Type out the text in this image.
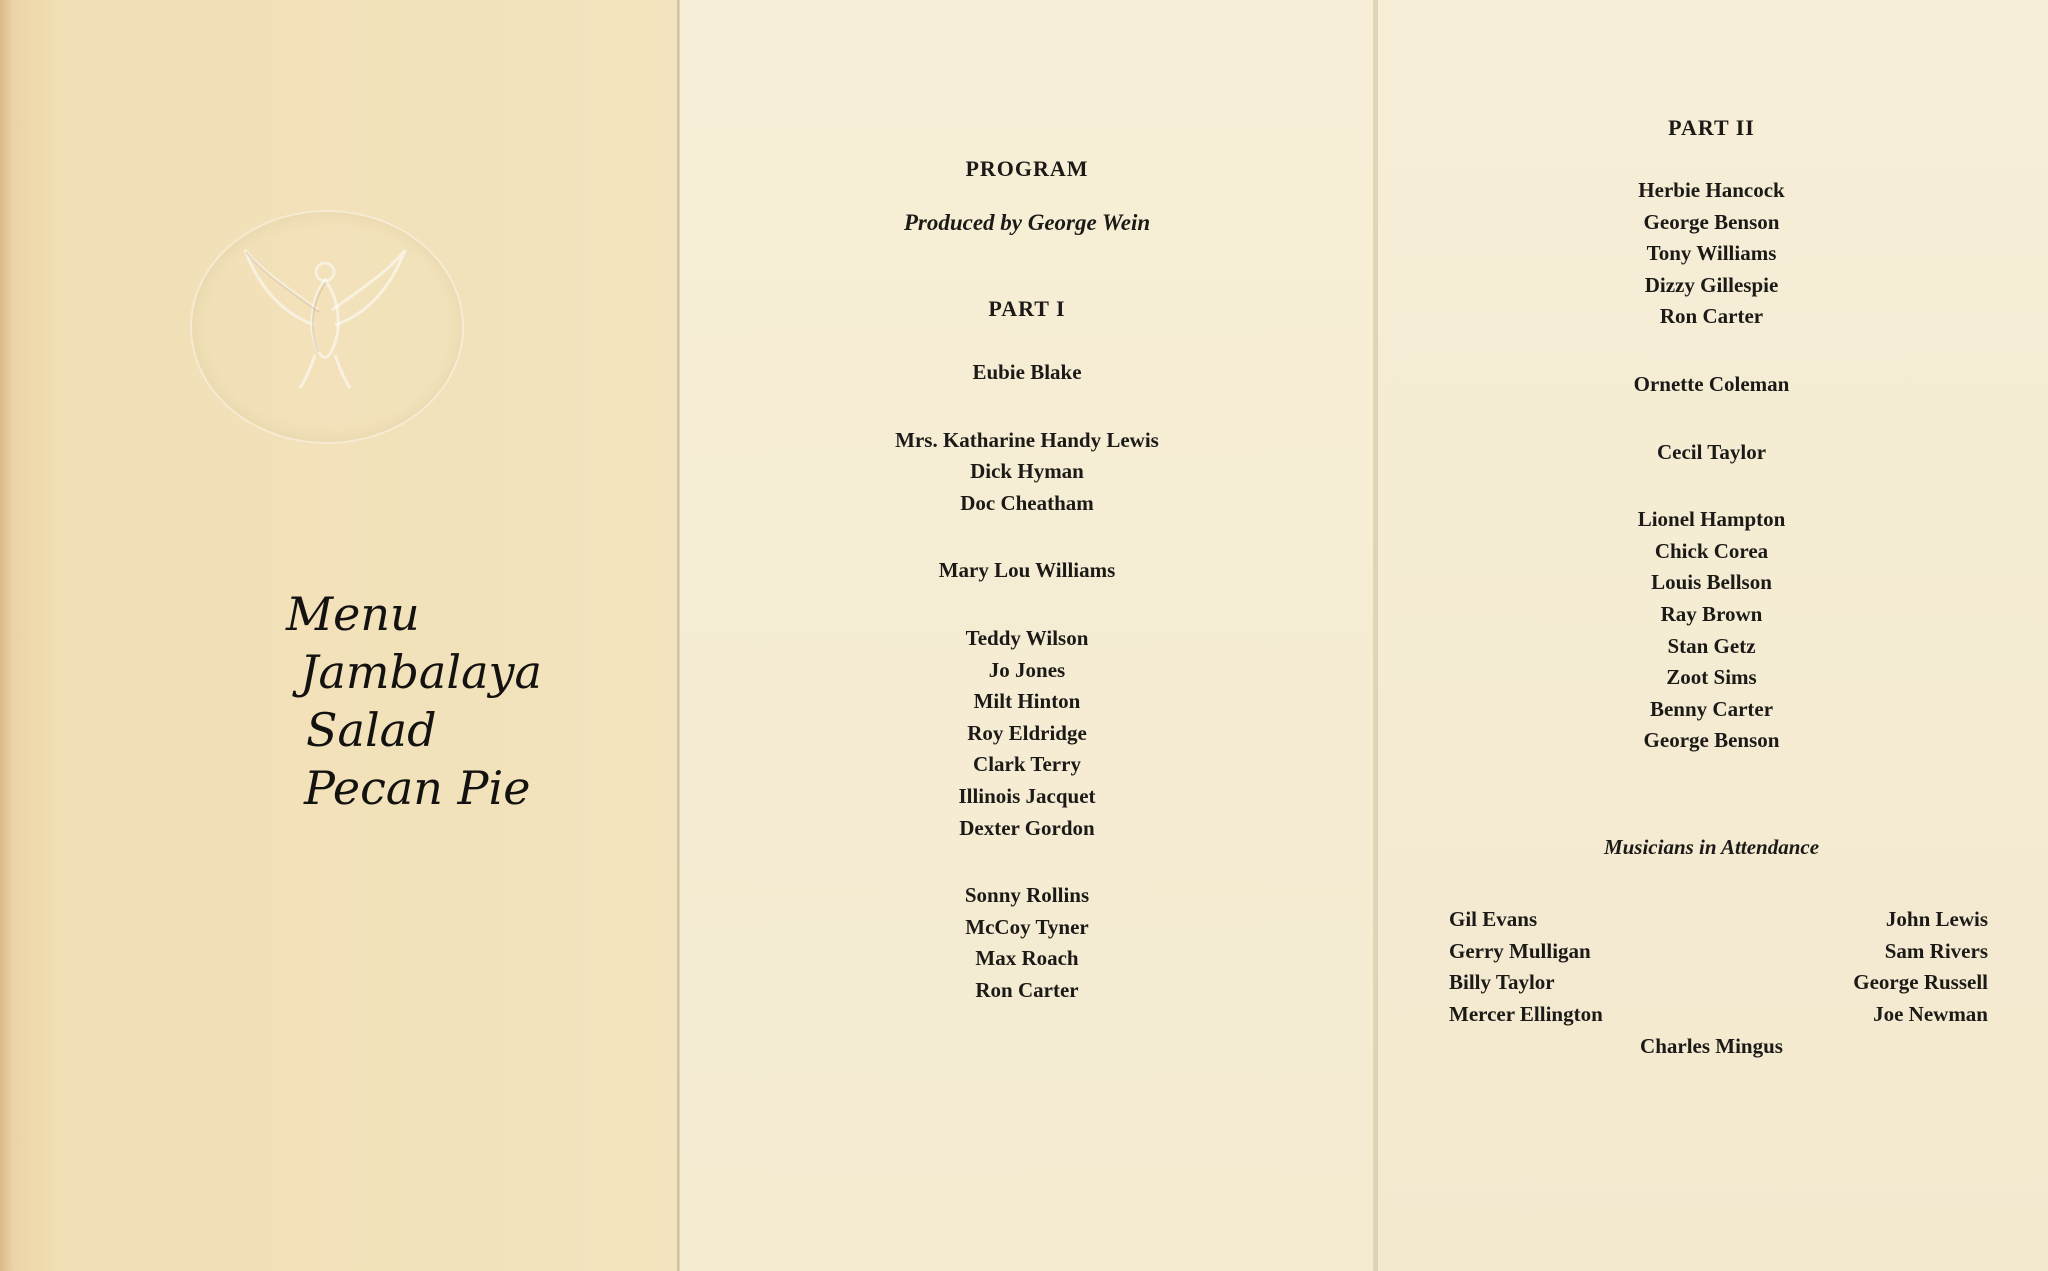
Menu
Jambalaya
Salad
Pecan Pie
PROGRAM
Produced by George Wein
PART I
Eubie Blake
Mrs. Katharine Handy Lewis
Dick Hyman
Doc Cheatham
Mary Lou Williams
Teddy Wilson
Jo Jones
Milt Hinton
Roy Eldridge
Clark Terry
Illinois Jacquet
Dexter Gordon
Sonny Rollins
McCoy Tyner
Max Roach
Ron Carter
PART II
Herbie Hancock
George Benson
Tony Williams
Dizzy Gillespie
Ron Carter
Ornette Coleman
Cecil Taylor
Lionel Hampton
Chick Corea
Louis Bellson
Ray Brown
Stan Getz
Zoot Sims
Benny Carter
George Benson
Musicians in Attendance
Gil Evans
Gerry Mulligan
Billy Taylor
Mercer Ellington
John Lewis
Sam Rivers
George Russell
Joe Newman
Charles Mingus
